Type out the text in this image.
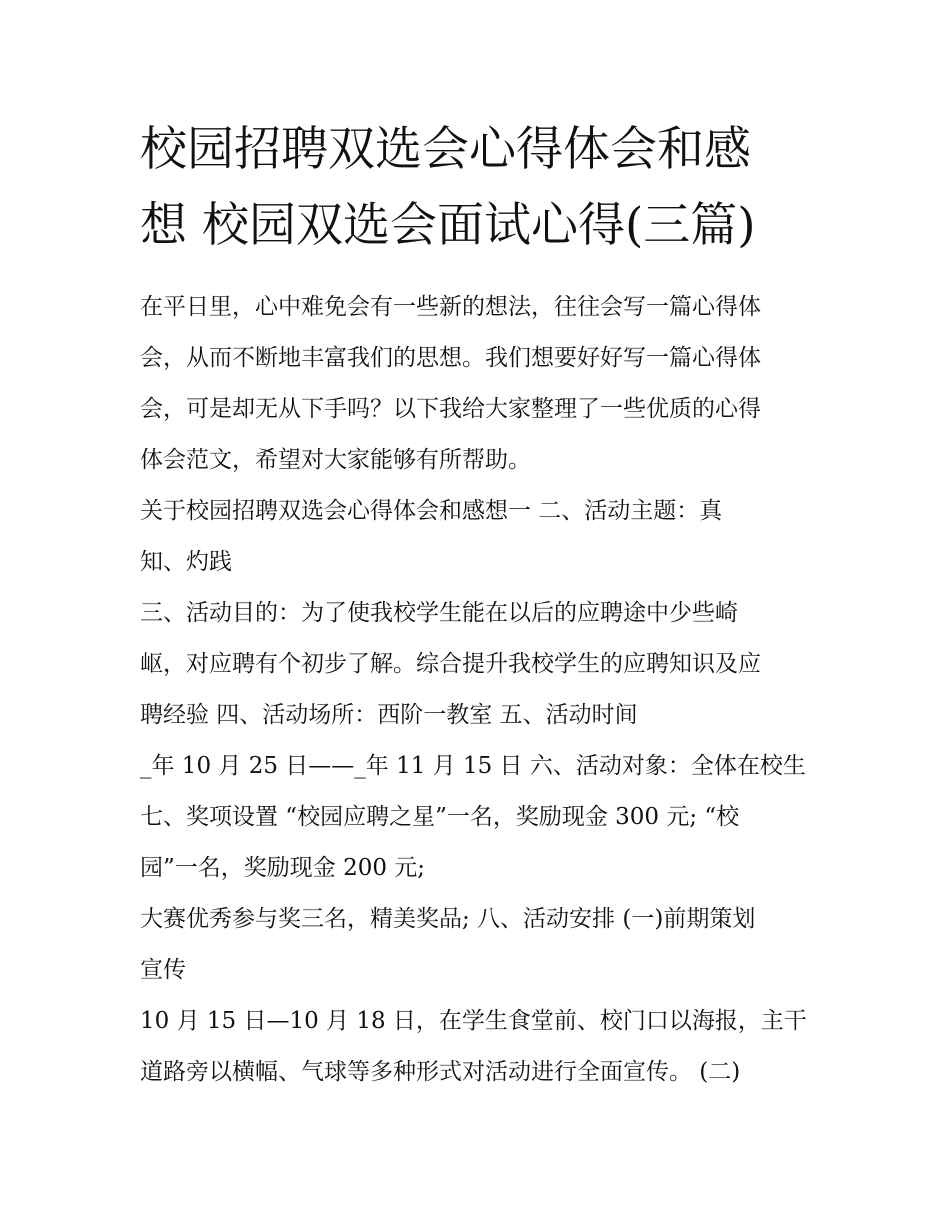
校园招聘双选会心得体会和感
想 校园双选会面试心得(三篇)
在平日里，心中难免会有一些新的想法，往往会写一篇心得体
会，从而不断地丰富我们的思想。我们想要好好写一篇心得体
会，可是却无从下手吗？以下我给大家整理了一些优质的心得
体会范文，希望对大家能够有所帮助。
关于校园招聘双选会心得体会和感想一 二、活动主题：真
知、灼践
三、活动目的：为了使我校学生能在以后的应聘途中少些崎
岖，对应聘有个初步了解。综合提升我校学生的应聘知识及应
聘经验 四、活动场所：西阶一教室 五、活动时间
_年 10 月 25 日——_年 11 月 15 日 六、活动对象：全体在校生
七、奖项设置 “校园应聘之星”一名，奖励现金 300 元; “校
园”一名，奖励现金 200 元;
大赛优秀参与奖三名，精美奖品; 八、活动安排 (一)前期策划
宣传
10 月 15 日—10 月 18 日，在学生食堂前、校门口以海报，主干
道路旁以横幅、气球等多种形式对活动进行全面宣传。 (二)
